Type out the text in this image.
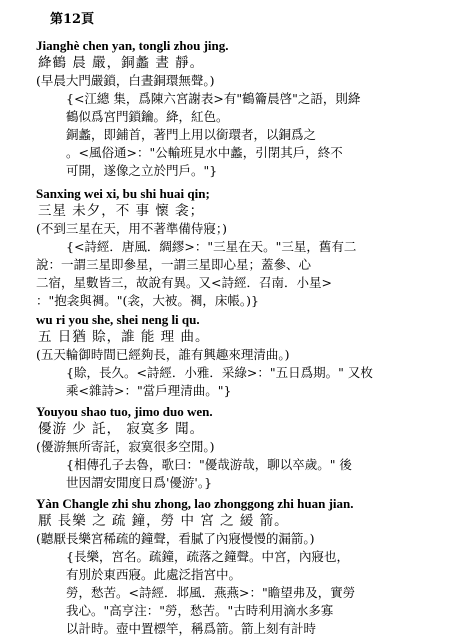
第12頁
Jianghè chen yan, tongli zhou jing.
絳鶴 晨 嚴，銅蠡 晝 靜。
(早晨大門嚴鎖，白晝銅環無聲。)
{<江總 集，爲陳六宮謝表>有"鶴籥晨啓"之語，則絳
鶴似爲宮門鎖鑰。絳，紅色。
銅蠡，即鋪首，著門上用以銜環者，以銅爲之
。<風俗通>："公輸班見水中蠡，引閉其戶，終不
可開，遂像之立於門戶。"}
Sanxing wei xi, bu shi huai qin;
三星 未夕，不 事 懷 衾；
(不到三星在天，用不著準備侍寢；)
{<詩經．唐風．綢繆>："三星在天。"三星，舊有二
說：一謂三星即參星，一謂三星即心星；蓋參、心
二宿，星數皆三，故說有異。又<詩經．召南．小星>
："抱衾與裯。"(衾，大被。裯，床帳。)}
wu ri you she, shei neng li qu.
五 日猶 賒，誰 能 理 曲。
(五天輪御時間已經夠長，誰有興趣來理清曲。)
{賒，長久。<詩經．小雅．采綠>："五日爲期。" 又枚
乘<雜詩>："當戶理清曲。"}
Youyou shao tuo, jimo duo wen.
優游 少 託， 寂寞多 聞。
(優游無所寄託，寂寞很多空閒。)
{相傳孔子去魯，歌曰："優哉游哉，聊以卒歲。" 後
世因謂安閒度日爲'優游'。}
Yàn Changle zhi shu zhong, lao zhonggong zhi huan jian.
厭 長樂 之 疏 鐘，勞 中 宮 之 緩 箭。
(聽厭長樂宮稀疏的鐘聲，看膩了內寢慢慢的漏箭。)
{長樂，宮名。疏鐘，疏落之鐘聲。中宮，內寢也，
有別於東西寢。此處泛指宮中。
勞，愁苦。<詩經．邶風．燕燕>："瞻望弗及，實勞
我心。"高亨注："勞，愁苦。"古時利用滴水多寡
以計時。壺中置標竿，稱爲箭。箭上刻有計時
